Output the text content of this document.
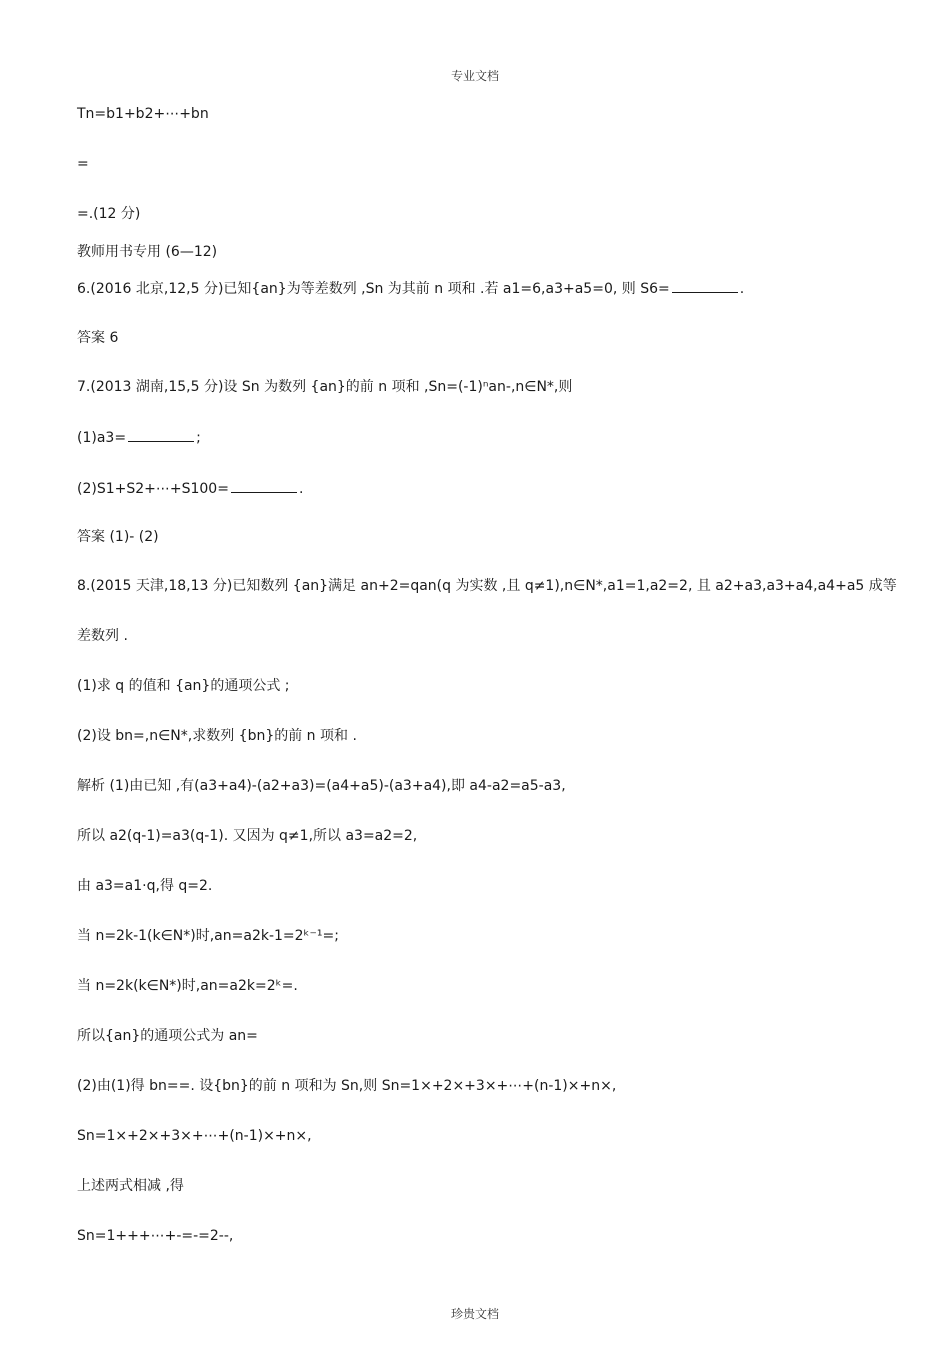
专业文档
Tn=b1+b2+⋯+bn
=
=.(12 分)
教师用书专用 (6—12)
6.(2016 北京,12,5 分)已知{an}为等差数列 ,Sn 为其前 n 项和 .若 a1=6,a3+a5=0, 则 S6=	.
答案 6
7.(2013 湖南,15,5 分)设 Sn 为数列 {an}的前 n 项和 ,Sn=(-1)ⁿan-,n∈N*,则
(1)a3=	;
(2)S1+S2+⋯+S100=	.
答案 (1)- (2)
8.(2015 天津,18,13 分)已知数列 {an}满足 an+2=qan(q 为实数 ,且 q≠1),n∈N*,a1=1,a2=2, 且 a2+a3,a3+a4,a4+a5 成等
差数列 .
(1)求 q 的值和 {an}的通项公式 ;
(2)设 bn=,n∈N*,求数列 {bn}的前 n 项和 .
解析 (1)由已知 ,有(a3+a4)-(a2+a3)=(a4+a5)-(a3+a4),即 a4-a2=a5-a3,
所以 a2(q-1)=a3(q-1). 又因为 q≠1,所以 a3=a2=2,
由 a3=a1·q,得 q=2.
当 n=2k-1(k∈N*)时,an=a2k-1=2ᵏ⁻¹=;
当 n=2k(k∈N*)时,an=a2k=2ᵏ=.
所以{an}的通项公式为 an=
(2)由(1)得 bn==. 设{bn}的前 n 项和为 Sn,则 Sn=1×+2×+3×+⋯+(n-1)×+n×,
Sn=1×+2×+3×+⋯+(n-1)×+n×,
上述两式相减 ,得
Sn=1+++⋯+-=-=2--,
珍贵文档
